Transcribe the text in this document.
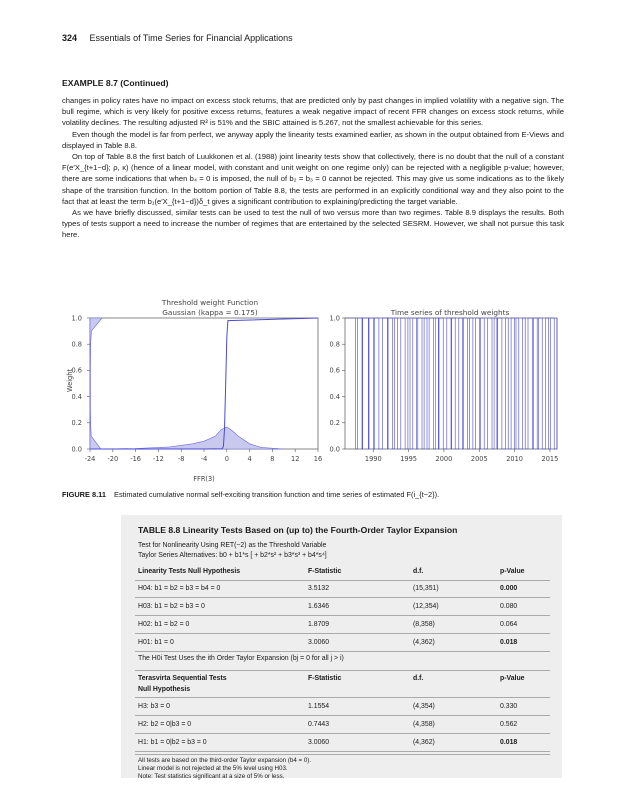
324 Essentials of Time Series for Financial Applications
EXAMPLE 8.7 (Continued)

changes in policy rates have no impact on excess stock returns, that are predicted only by past changes in implied volatility with a negative sign. The bull regime, which is very likely for positive excess returns, features a weak negative impact of recent FFR changes on excess stock returns, while volatility declines. The resulting adjusted R² is 51% and the SBIC attained is 5.267, not the smallest achievable for this series.

Even though the model is far from perfect, we anyway apply the linearity tests examined earlier, as shown in the output obtained from E-Views and displayed in Table 8.8.

On top of Table 8.8 the first batch of Luukkonen et al. (1988) joint linearity tests show that collectively, there is no doubt that the null of a constant F(e′X_{t+1−d}; ρ, κ) (hence of a linear model, with constant and unit weight on one regime only) can be rejected with a negligible p-value; however, there are some indications that when b₄ = 0 is imposed, the null of b₂ = b₃ = 0 cannot be rejected. This may give us some indications as to the likely shape of the transition function. In the bottom portion of Table 8.8, the tests are performed in an explicitly conditional way and they also point to the fact that at least the term b₁(e′X_{t+1−d})δ_t gives a significant contribution to explaining/predicting the target variable.

As we have briefly discussed, similar tests can be used to test the null of two versus more than two regimes. Table 8.9 displays the results. Both types of tests support a need to increase the number of regimes that are entertained by the selected SESRM. However, we shall not pursue this task here.

Threshold weight Function
Gaussian (kappa = 0.175)	Time series of threshold weights
-24 -20 -16 -12 -8 -4	0	4	8	12 16
0.0
0.2
0.4
0.6
0.8
1.0
1990	1995	2000	2005	2010	2015
0.0
0.2
0.4
0.6
0.8
1.0
Weight
FFR(3)
FIGURE 8.11 Estimated cumulative normal self-exciting transition function and time series of estimated F(i_{t−2}).
TABLE 8.8 Linearity Tests Based on (up to) the Fourth-Order Taylor Expansion
Test for Nonlinearity Using RET(−2) as the Threshold Variable
Taylor Series Alternatives: b0 + b1*s [ + b2*s² + b3*s³ + b4*s⁴]
Linearity Tests Null Hypothesis	F-Statistic	d.f.	p-Value
H04: b1 = b2 = b3 = b4 = 0	3.5132	(15,351)	0.000
H03: b1 = b2 = b3 = 0	1.6346	(12,354)	0.080
H02: b1 = b2 = 0	1.8709	(8,358)	0.064
H01: b1 = 0	3.0060	(4,362)	0.018
The H0i Test Uses the ith Order Taylor Expansion (bj = 0 for all j > i)
Terasvirta Sequential Tests
Null Hypothesis
F-Statistic	d.f.	p-Value
H3: b3 = 0	1.1554	(4,354)	0.330
H2: b2 = 0|b3 = 0	0.7443	(4,358)	0.562
H1: b1 = 0|b2 = b3 = 0	3.0060	(4,362)	0.018
All tests are based on the third-order Taylor expansion (b4 = 0).
Linear model is not rejected at the 5% level using H03.
Note: Test statistics significant at a size of 5% or less.
